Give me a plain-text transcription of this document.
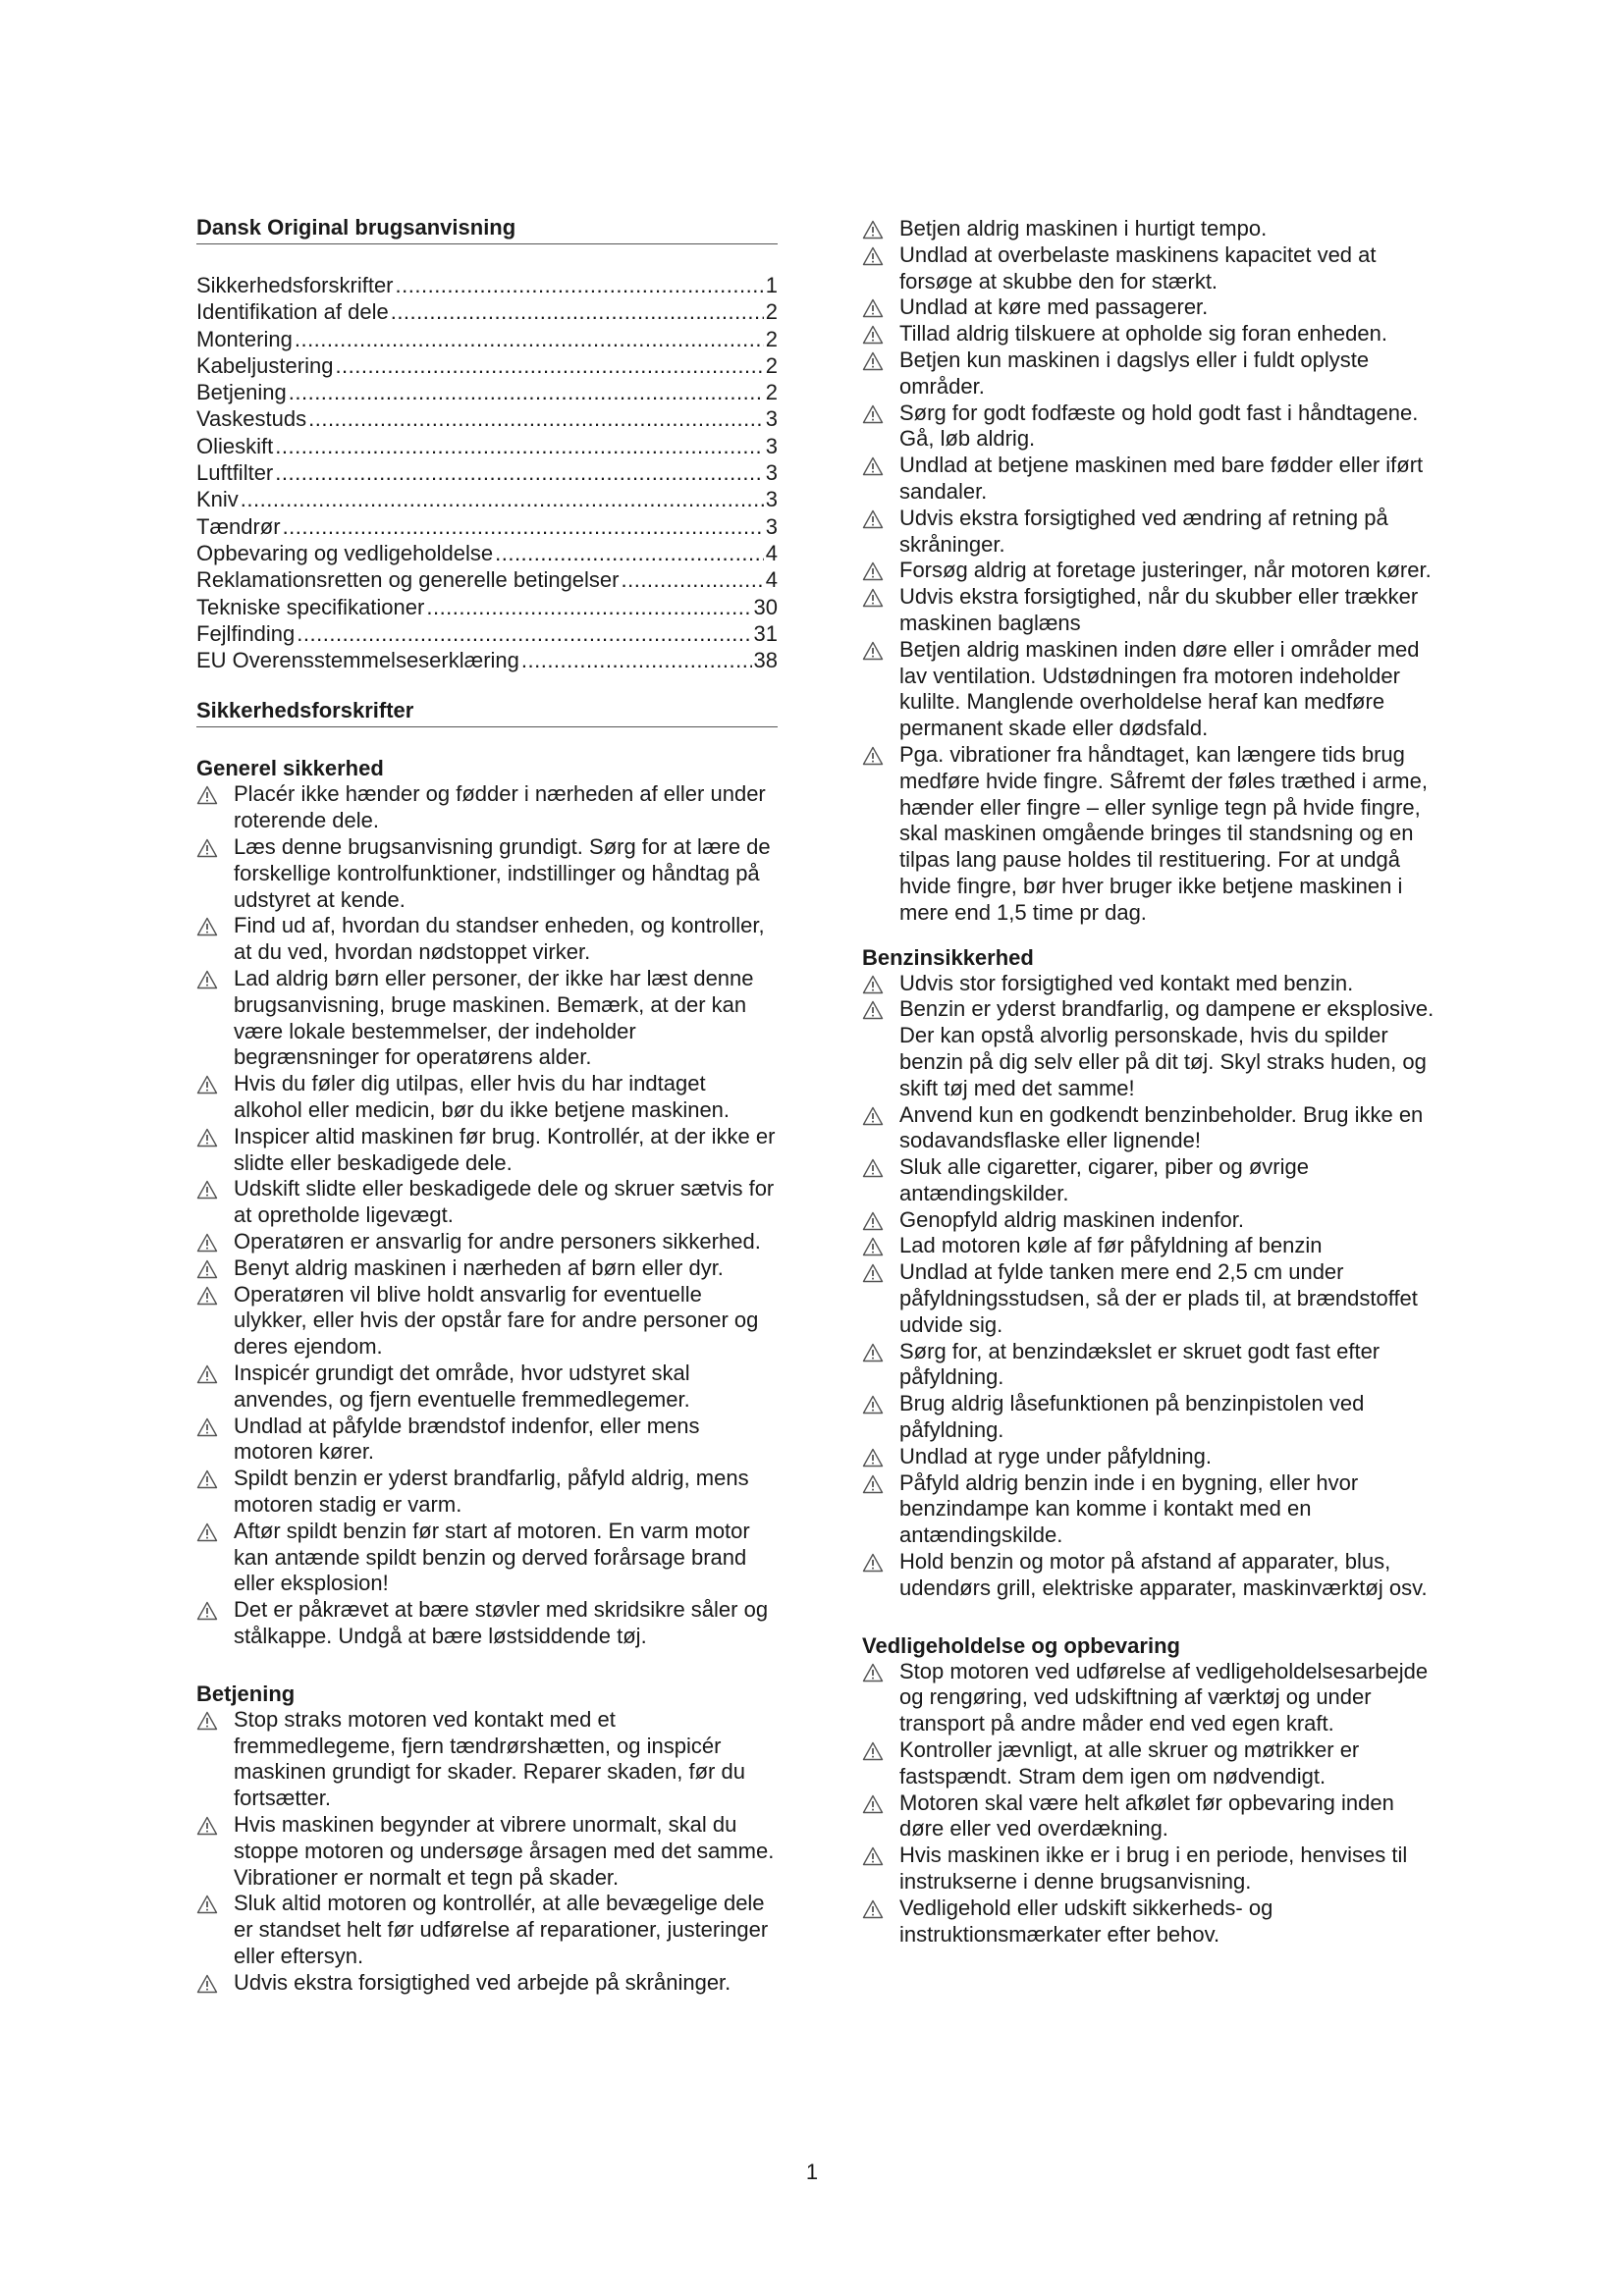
Dansk Original brugsanvisning
Sikkerhedsforskrifter .....	1
Identifikation af dele .....	2
Montering .....	2
Kabeljustering .....	2
Betjening .....	2
Vaskestuds .....	3
Olieskift .....	3
Luftfilter .....	3
Kniv .....	3
Tændrør .....	3
Opbevaring og vedligeholdelse .....	4
Reklamationsretten og generelle betingelser .....	4
Tekniske specifikationer .....	30
Fejlfinding .....	31
EU Overensstemmelseserklæring .....	38
Sikkerhedsforskrifter
Generel sikkerhed
Placér ikke hænder og fødder i nærheden af eller under roterende dele.
Læs denne brugsanvisning grundigt. Sørg for at lære de forskellige kontrolfunktioner, indstillinger og håndtag på udstyret at kende.
Find ud af, hvordan du standser enheden, og kontroller, at du ved, hvordan nødstoppet virker.
Lad aldrig børn eller personer, der ikke har læst denne brugsanvisning, bruge maskinen. Bemærk, at der kan være lokale bestemmelser, der indeholder begrænsninger for operatørens alder.
Hvis du føler dig utilpas, eller hvis du har indtaget alkohol eller medicin, bør du ikke betjene maskinen.
Inspicer altid maskinen før brug. Kontrollér, at der ikke er slidte eller beskadigede dele.
Udskift slidte eller beskadigede dele og skruer sætvis for at opretholde ligevægt.
Operatøren er ansvarlig for andre personers sikkerhed.
Benyt aldrig maskinen i nærheden af børn eller dyr.
Operatøren vil blive holdt ansvarlig for eventuelle ulykker, eller hvis der opstår fare for andre personer og deres ejendom.
Inspicér grundigt det område, hvor udstyret skal anvendes, og fjern eventuelle fremmedlegemer.
Undlad at påfylde brændstof indenfor, eller mens motoren kører.
Spildt benzin er yderst brandfarlig, påfyld aldrig, mens motoren stadig er varm.
Aftør spildt benzin før start af motoren. En varm motor kan antænde spildt benzin og derved forårsage brand eller eksplosion!
Det er påkrævet at bære støvler med skridsikre såler og stålkappe. Undgå at bære løstsiddende tøj.
Betjening
Stop straks motoren ved kontakt med et fremmedlegeme, fjern tændrørshætten, og inspicér maskinen grundigt for skader. Reparer skaden, før du fortsætter.
Hvis maskinen begynder at vibrere unormalt, skal du stoppe motoren og undersøge årsagen med det samme. Vibrationer er normalt et tegn på skader.
Sluk altid motoren og kontrollér, at alle bevægelige dele er standset helt før udførelse af reparationer, justeringer eller eftersyn.
Udvis ekstra forsigtighed ved arbejde på skråninger.
Betjen aldrig maskinen i hurtigt tempo.
Undlad at overbelaste maskinens kapacitet ved at forsøge at skubbe den for stærkt.
Undlad at køre med passagerer.
Tillad aldrig tilskuere at opholde sig foran enheden.
Betjen kun maskinen i dagslys eller i fuldt oplyste områder.
Sørg for godt fodfæste og hold godt fast i håndtagene. Gå, løb aldrig.
Undlad at betjene maskinen med bare fødder eller iført sandaler.
Udvis ekstra forsigtighed ved ændring af retning på skråninger.
Forsøg aldrig at foretage justeringer, når motoren kører.
Udvis ekstra forsigtighed, når du skubber eller trækker maskinen baglæns
Betjen aldrig maskinen inden døre eller i områder med lav ventilation. Udstødningen fra motoren indeholder kulilte. Manglende overholdelse heraf kan medføre permanent skade eller dødsfald.
Pga. vibrationer fra håndtaget, kan længere tids brug medføre hvide fingre. Såfremt der føles træthed i arme, hænder eller fingre – eller synlige tegn på hvide fingre, skal maskinen omgående bringes til standsning og en tilpas lang pause holdes til restituering. For at undgå hvide fingre, bør hver bruger ikke betjene maskinen i mere end 1,5 time pr dag.
Benzinsikkerhed
Udvis stor forsigtighed ved kontakt med benzin.
Benzin er yderst brandfarlig, og dampene er eksplosive. Der kan opstå alvorlig personskade, hvis du spilder benzin på dig selv eller på dit tøj. Skyl straks huden, og skift tøj med det samme!
Anvend kun en godkendt benzinbeholder. Brug ikke en sodavandsflaske eller lignende!
Sluk alle cigaretter, cigarer, piber og øvrige antændingskilder.
Genopfyld aldrig maskinen indenfor.
Lad motoren køle af før påfyldning af benzin
Undlad at fylde tanken mere end 2,5 cm under påfyldningsstudsen, så der er plads til, at brændstoffet udvide sig.
Sørg for, at benzindækslet er skruet godt fast efter påfyldning.
Brug aldrig låsefunktionen på benzinpistolen ved påfyldning.
Undlad at ryge under påfyldning.
Påfyld aldrig benzin inde i en bygning, eller hvor benzindampe kan komme i kontakt med en antændingskilde.
Hold benzin og motor på afstand af apparater, blus, udendørs grill, elektriske apparater, maskinværktøj osv.
Vedligeholdelse og opbevaring
Stop motoren ved udførelse af vedligeholdelsesarbejde og rengøring, ved udskiftning af værktøj og under transport på andre måder end ved egen kraft.
Kontroller jævnligt, at alle skruer og møtrikker er fastspændt. Stram dem igen om nødvendigt.
Motoren skal være helt afkølet før opbevaring inden døre eller ved overdækning.
Hvis maskinen ikke er i brug i en periode, henvises til instrukserne i denne brugsanvisning.
Vedligehold eller udskift sikkerheds- og instruktionsmærkater efter behov.
1
